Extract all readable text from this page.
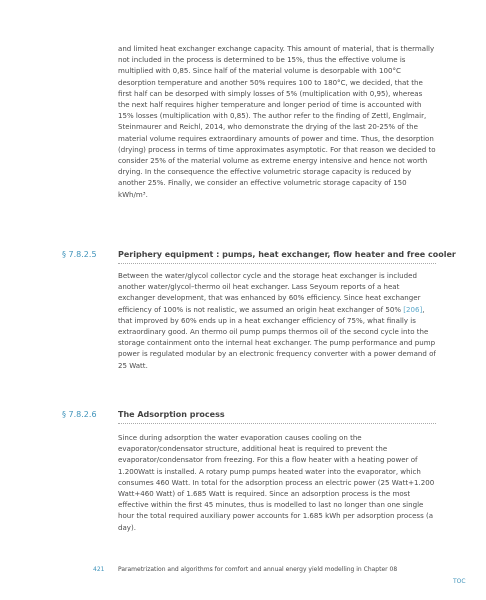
and limited heat exchanger exchange capacity. This amount of material, that is thermally not included in the process is determined to be 15%, thus the effective volume is multiplied with 0,85. Since half of the material volume is desorpable with 100°C desorption temperature and another 50% requires 100 to 180°C, we decided, that the first half can be desorped with simply losses of 5% (multiplication with 0,95), whereas the next half requires higher temperature and longer period of time is accounted with 15% losses (multiplication with 0,85). The author refer to the finding of Zettl, Englmair, Steinmaurer and Reichl, 2014, who demonstrate the drying of the last 20-25% of the material volume requires extraordinary amounts of power and time. Thus, the desorption (drying) process in terms of time approximates asymptotic. For that reason we decided to consider 25% of the material volume as extreme energy intensive and hence not worth drying. In the consequence the effective volumetric storage capacity is reduced by another 25%. Finally, we consider an effective volumetric storage capacity of 150 kWh/m³.

§ 7.8.2.5	Periphery equipment : pumps, heat exchanger, flow heater and free cooler

Between the water/glycol collector cycle and the storage heat exchanger is included another water/glycol–thermo oil heat exchanger. Lass Seyoum reports of a heat exchanger development, that was enhanced by 60% efficiency. Since heat exchanger efficiency of 100% is not realistic, we assumed an origin heat exchanger of 50% [206], that improved by 60% ends up in a heat exchanger efficiency of 75%, what finally is extraordinary good. An thermo oil pump pumps thermos oil of the second cycle into the storage containment onto the internal heat exchanger. The pump performance and pump power is regulated modular by an electronic frequency converter with a power demand of 25 Watt.

§ 7.8.2.6	The Adsorption process

Since during adsorption the water evaporation causes cooling on the evaporator/condensator structure, additional heat is required to prevent the evaporator/condensator from freezing. For this a flow heater with a heating power of 1.200Watt is installed. A rotary pump pumps heated water into the evaporator, which consumes 460 Watt. In total for the adsorption process an electric power (25 Watt+1.200 Watt+460 Watt) of 1.685 Watt is required. Since an adsorption process is the most effective within the first 45 minutes, thus is modelled to last no longer than one single hour the total required auxiliary power accounts for 1.685 kWh per adsorption process (a day).

421 Parametrization and algorithms for comfort and annual energy yield modelling in Chapter 08
TOC
